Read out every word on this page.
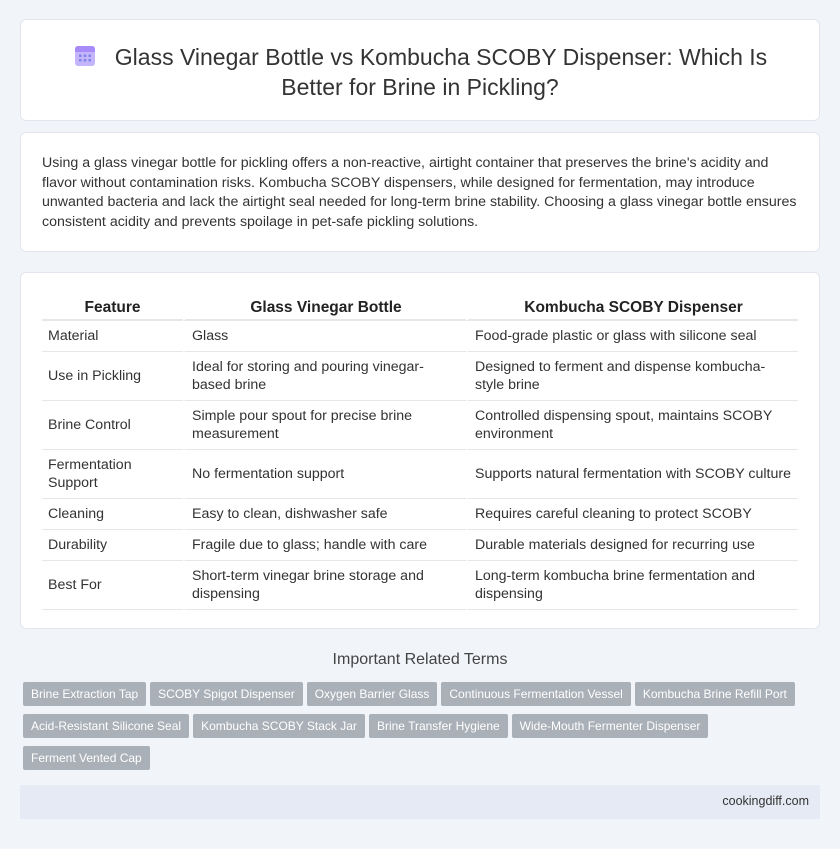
Glass Vinegar Bottle vs Kombucha SCOBY Dispenser: Which Is Better for Brine in Pickling?

Using a glass vinegar bottle for pickling offers a non-reactive, airtight container that preserves the brine's acidity and flavor without contamination risks. Kombucha SCOBY dispensers, while designed for fermentation, may introduce unwanted bacteria and lack the airtight seal needed for long-term brine stability. Choosing a glass vinegar bottle ensures consistent acidity and prevents spoilage in pet-safe pickling solutions.

Feature	Glass Vinegar Bottle	Kombucha SCOBY Dispenser
Material	Glass	Food-grade plastic or glass with silicone seal
Use in Pickling	Ideal for storing and pouring vinegar-based brine	Designed to ferment and dispense kombucha-style brine
Brine Control	Simple pour spout for precise brine measurement	Controlled dispensing spout, maintains SCOBY environment
Fermentation Support	No fermentation support	Supports natural fermentation with SCOBY culture
Cleaning	Easy to clean, dishwasher safe	Requires careful cleaning to protect SCOBY
Durability	Fragile due to glass; handle with care	Durable materials designed for recurring use
Best For	Short-term vinegar brine storage and dispensing	Long-term kombucha brine fermentation and dispensing
Important Related Terms
Brine Extraction Tap SCOBY Spigot Dispenser Oxygen Barrier Glass Continuous Fermentation Vessel Kombucha Brine Refill PortAcid-Resistant Silicone Seal Kombucha SCOBY Stack Jar Brine Transfer Hygiene Wide-Mouth Fermenter DispenserFerment Vented Cap
cookingdiff.com
